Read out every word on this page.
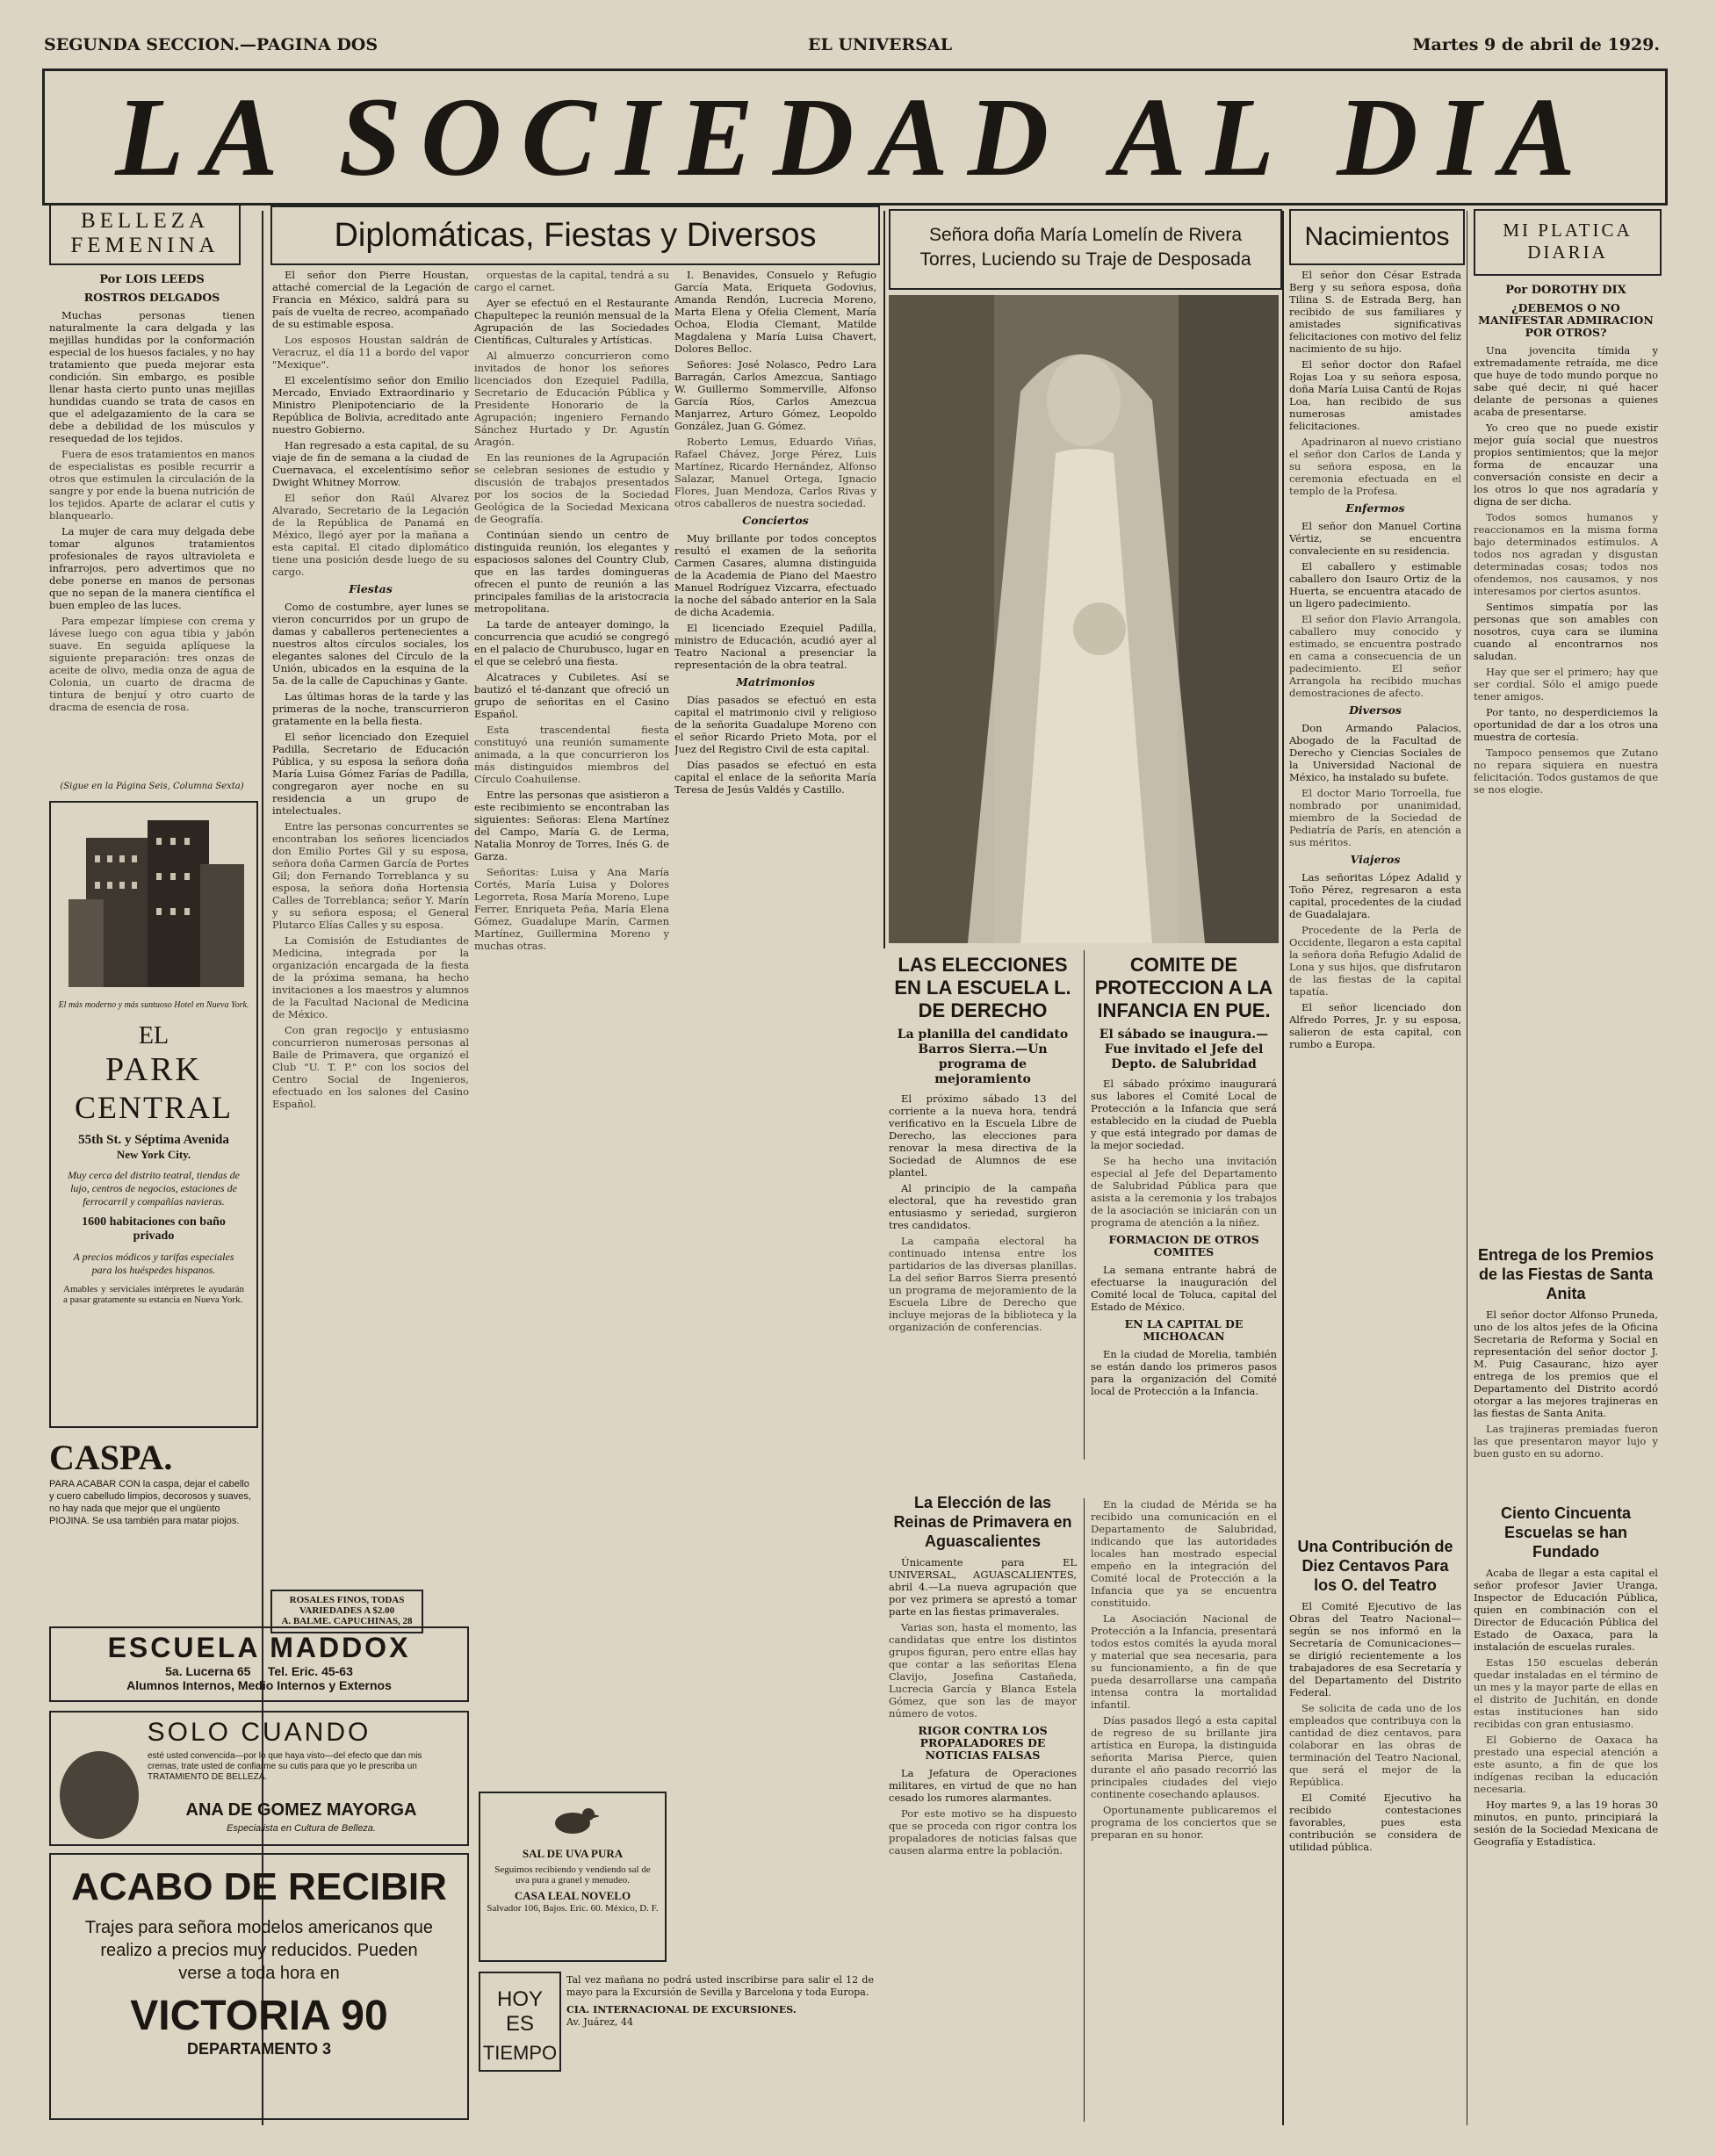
SEGUNDA SECCION.—PAGINA DOS	EL UNIVERSAL	Martes 9 de abril de 1929.
LA SOCIEDAD AL DIA
BELLEZA
FEMENINA
Por LOIS LEEDS
ROSTROS DELGADOS

Muchas personas tienen naturalmente la cara delgada y las mejillas hundidas por la conformación especial de los huesos faciales, y no hay tratamiento que pueda mejorar esta condición. Sin embargo, es posible llenar hasta cierto punto unas mejillas hundidas cuando se trata de casos en que el adelgazamiento de la cara se debe a debilidad de los músculos y resequedad de los tejidos.

Fuera de esos tratamientos en manos de especialistas es posible recurrir a otros que estimulen la circulación de la sangre y por ende la buena nutrición de los tejidos. Aparte de aclarar el cutis y blanquearlo.

La mujer de cara muy delgada debe tomar algunos tratamientos profesionales de rayos ultravioleta e infrarrojos, pero advertimos que no debe ponerse en manos de personas que no sepan de la manera científica el buen empleo de las luces.

Para empezar límpiese con crema y lávese luego con agua tibia y jabón suave. En seguida aplíquese la siguiente preparación: tres onzas de aceite de olivo, media onza de agua de Colonia, un cuarto de dracma de tintura de benjuí y otro cuarto de dracma de esencia de rosa.

(Sigue en la Página Seis, Columna Sexta)
El más moderno y más suntuoso Hotel en Nueva York.
EL
PARK
CENTRAL
55th St. y Séptima Avenida
New York City.
Muy cerca del distrito teatral, tiendas de lujo, centros de negocios, estaciones de ferrocarril y compañías navieras.
1600 habitaciones con baño privado
A precios módicos y tarifas especiales para los huéspedes hispanos.
Amables y serviciales intérpretes le ayudarán a pasar gratamente su estancia en Nueva York.
CASPA.
PARA ACABAR CON la caspa, dejar el cabello y cuero cabelludo limpios, decorosos y suaves, no hay nada que mejor que el ungüento PIOJINA. Se usa también para matar piojos.
Diplomáticas, Fiestas y Diversos

El señor don Pierre Houstan, attaché comercial de la Legación de Francia en México, saldrá para su país de vuelta de recreo, acompañado de su estimable esposa.

Los esposos Houstan saldrán de Veracruz, el día 11 a bordo del vapor "Mexique".

El excelentísimo señor don Emilio Mercado, Enviado Extraordinario y Ministro Plenipotenciario de la República de Bolivia, acreditado ante nuestro Gobierno.

Han regresado a esta capital, de su viaje de fin de semana a la ciudad de Cuernavaca, el excelentísimo señor Dwight Whitney Morrow.

El señor don Raúl Alvarez Alvarado, Secretario de la Legación de la República de Panamá en México, llegó ayer por la mañana a esta capital. El citado diplomático tiene una posición desde luego de su cargo.

Fiestas

Como de costumbre, ayer lunes se vieron concurridos por un grupo de damas y caballeros pertenecientes a nuestros altos círculos sociales, los elegantes salones del Círculo de la Unión, ubicados en la esquina de la 5a. de la calle de Capuchinas y Gante.

Las últimas horas de la tarde y las primeras de la noche, transcurrieron gratamente en la bella fiesta.

El señor licenciado don Ezequiel Padilla, Secretario de Educación Pública, y su esposa la señora doña María Luisa Gómez Farías de Padilla, congregaron ayer noche en su residencia a un grupo de intelectuales.

Entre las personas concurrentes se encontraban los señores licenciados don Emilio Portes Gil y su esposa, señora doña Carmen García de Portes Gil; don Fernando Torreblanca y su esposa, la señora doña Hortensia Calles de Torreblanca; señor Y. Marín y su señora esposa; el General Plutarco Elías Calles y su esposa.

La Comisión de Estudiantes de Medicina, integrada por la organización encargada de la fiesta de la próxima semana, ha hecho invitaciones a los maestros y alumnos de la Facultad Nacional de Medicina de México.

Con gran regocijo y entusiasmo concurrieron numerosas personas al Baile de Primavera, que organizó el Club "U. T. P." con los socios del Centro Social de Ingenieros, efectuado en los salones del Casino Español.

orquestas de la capital, tendrá a su cargo el carnet.

Ayer se efectuó en el Restaurante Chapultepec la reunión mensual de la Agrupación de las Sociedades Científicas, Culturales y Artísticas.

Al almuerzo concurrieron como invitados de honor los señores licenciados don Ezequiel Padilla, Secretario de Educación Pública y Presidente Honorario de la Agrupación; ingeniero Fernando Sánchez Hurtado y Dr. Agustín Aragón.

En las reuniones de la Agrupación se celebran sesiones de estudio y discusión de trabajos presentados por los socios de la Sociedad Geológica de la Sociedad Mexicana de Geografía.

Continúan siendo un centro de distinguida reunión, los elegantes y espaciosos salones del Country Club, que en las tardes domingueras ofrecen el punto de reunión a las principales familias de la aristocracia metropolitana.

La tarde de anteayer domingo, la concurrencia que acudió se congregó en el palacio de Churubusco, lugar en el que se celebró una fiesta.

Alcatraces y Cubiletes. Así se bautizó el té-danzant que ofreció un grupo de señoritas en el Casino Español.

Esta trascendental fiesta constituyó una reunión sumamente animada, a la que concurrieron los más distinguidos miembros del Círculo Coahuilense.

Entre las personas que asistieron a este recibimiento se encontraban las siguientes: Señoras: Elena Martínez del Campo, María G. de Lerma, Natalia Monroy de Torres, Inés G. de Garza.

Señoritas: Luisa y Ana María Cortés, María Luisa y Dolores Legorreta, Rosa María Moreno, Lupe Ferrer, Enriqueta Peña, María Elena Gómez, Guadalupe Marín, Carmen Martínez, Guillermina Moreno y muchas otras.

I. Benavides, Consuelo y Refugio García Mata, Eriqueta Godovius, Amanda Rendón, Lucrecia Moreno, Marta Elena y Ofelia Clement, María Ochoa, Elodia Clemant, Matilde Magdalena y María Luisa Chavert, Dolores Belloc.

Señores: José Nolasco, Pedro Lara Barragán, Carlos Amezcua, Santiago W. Guillermo Sommerville, Alfonso García Ríos, Carlos Amezcua Manjarrez, Arturo Gómez, Leopoldo González, Juan G. Gómez.

Roberto Lemus, Eduardo Viñas, Rafael Chávez, Jorge Pérez, Luis Martínez, Ricardo Hernández, Alfonso Salazar, Manuel Ortega, Ignacio Flores, Juan Mendoza, Carlos Rivas y otros caballeros de nuestra sociedad.

Conciertos

Muy brillante por todos conceptos resultó el examen de la señorita Carmen Casares, alumna distinguida de la Academia de Piano del Maestro Manuel Rodríguez Vizcarra, efectuado la noche del sábado anterior en la Sala de dicha Academia.

El licenciado Ezequiel Padilla, ministro de Educación, acudió ayer al Teatro Nacional a presenciar la representación de la obra teatral.

Matrimonios

Días pasados se efectuó en esta capital el matrimonio civil y religioso de la señorita Guadalupe Moreno con el señor Ricardo Prieto Mota, por el Juez del Registro Civil de esta capital.

Días pasados se efectuó en esta capital el enlace de la señorita María Teresa de Jesús Valdés y Castillo.

ROSALES FINOS, TODAS VARIEDADES A $2.00
A. BALME. CAPUCHINAS, 28
ESCUELA MADDOX
5a. Lucerna 65 Tel. Eric. 45-63
Alumnos Internos, Medio Internos y Externos
SOLO CUANDO
esté usted convencida—por lo que haya visto—del efecto que dan mis cremas, trate usted de confiarme su cutis para que yo le prescriba un TRATAMIENTO DE BELLEZA.
ANA DE GOMEZ MAYORGA
Especialista en Cultura de Belleza.
ACABO DE RECIBIR
Trajes para señora modelos americanos que realizo a precios muy reducidos. Pueden verse a toda hora en
VICTORIA 90
DEPARTAMENTO 3
SAL DE UVA PURA
Seguimos recibiendo y vendiendo sal de uva pura a granel y menudeo.
CASA LEAL NOVELO
Salvador 106, Bajos. Eric. 60. México, D. F.
HOY ES
TIEMPO
Tal vez mañana no podrá usted inscribirse para salir el 12 de mayo para la Excursión de Sevilla y Barcelona y toda Europa.
CIA. INTERNACIONAL DE EXCURSIONES.
Av. Juárez, 44
Señora doña María Lomelín de Rivera Torres, Luciendo su Traje de Desposada
LAS ELECCIONES EN LA ESCUELA L. DE DERECHO
La planilla del candidato Barros Sierra.—Un programa de mejoramiento

El próximo sábado 13 del corriente a la nueva hora, tendrá verificativo en la Escuela Libre de Derecho, las elecciones para renovar la mesa directiva de la Sociedad de Alumnos de ese plantel.

Al principio de la campaña electoral, que ha revestido gran entusiasmo y seriedad, surgieron tres candidatos.

La campaña electoral ha continuado intensa entre los partidarios de las diversas planillas. La del señor Barros Sierra presentó un programa de mejoramiento de la Escuela Libre de Derecho que incluye mejoras de la biblioteca y la organización de conferencias.

COMITE DE PROTECCION A LA INFANCIA EN PUE.
El sábado se inaugura.—Fue invitado el Jefe del Depto. de Salubridad

El sábado próximo inaugurará sus labores el Comité Local de Protección a la Infancia que será establecido en la ciudad de Puebla y que está integrado por damas de la mejor sociedad.

Se ha hecho una invitación especial al Jefe del Departamento de Salubridad Pública para que asista a la ceremonia y los trabajos de la asociación se iniciarán con un programa de atención a la niñez.

FORMACION DE OTROS COMITES

La semana entrante habrá de efectuarse la inauguración del Comité local de Toluca, capital del Estado de México.

EN LA CAPITAL DE MICHOACAN

En la ciudad de Morelia, también se están dando los primeros pasos para la organización del Comité local de Protección a la Infancia.

La Elección de las Reinas de Primavera en Aguascalientes

Únicamente para EL UNIVERSAL, AGUASCALIENTES, abril 4.—La nueva agrupación que por vez primera se aprestó a tomar parte en las fiestas primaverales.

Varias son, hasta el momento, las candidatas que entre los distintos grupos figuran, pero entre ellas hay que contar a las señoritas Elena Clavijo, Josefina Castañeda, Lucrecia García y Blanca Estela Gómez, que son las de mayor número de votos.

RIGOR CONTRA LOS PROPALADORES DE NOTICIAS FALSAS

La Jefatura de Operaciones militares, en virtud de que no han cesado los rumores alarmantes.

Por este motivo se ha dispuesto que se proceda con rigor contra los propaladores de noticias falsas que causen alarma entre la población.

En la ciudad de Mérida se ha recibido una comunicación en el Departamento de Salubridad, indicando que las autoridades locales han mostrado especial empeño en la integración del Comité local de Protección a la Infancia que ya se encuentra constituido.

La Asociación Nacional de Protección a la Infancia, presentará todos estos comités la ayuda moral y material que sea necesaria, para su funcionamiento, a fin de que pueda desarrollarse una campaña intensa contra la mortalidad infantil.

Días pasados llegó a esta capital de regreso de su brillante jira artística en Europa, la distinguida señorita Marisa Pierce, quien durante el año pasado recorrió las principales ciudades del viejo continente cosechando aplausos.

Oportunamente publicaremos el programa de los conciertos que se preparan en su honor.

Nacimientos

El señor don César Estrada Berg y su señora esposa, doña Tilina S. de Estrada Berg, han recibido de sus familiares y amistades significativas felicitaciones con motivo del feliz nacimiento de su hijo.

El señor doctor don Rafael Rojas Loa y su señora esposa, doña María Luisa Cantú de Rojas Loa, han recibido de sus numerosas amistades felicitaciones.

Apadrinaron al nuevo cristiano el señor don Carlos de Landa y su señora esposa, en la ceremonia efectuada en el templo de la Profesa.

Enfermos

El señor don Manuel Cortina Vértiz, se encuentra convaleciente en su residencia.

El caballero y estimable caballero don Isauro Ortiz de la Huerta, se encuentra atacado de un ligero padecimiento.

El señor don Flavio Arrangola, caballero muy conocido y estimado, se encuentra postrado en cama a consecuencia de un padecimiento. El señor Arrangola ha recibido muchas demostraciones de afecto.

Diversos

Don Armando Palacios, Abogado de la Facultad de Derecho y Ciencias Sociales de la Universidad Nacional de México, ha instalado su bufete.

El doctor Mario Torroella, fue nombrado por unanimidad, miembro de la Sociedad de Pediatría de París, en atención a sus méritos.

Viajeros

Las señoritas López Adalid y Toño Pérez, regresaron a esta capital, procedentes de la ciudad de Guadalajara.

Procedente de la Perla de Occidente, llegaron a esta capital la señora doña Refugio Adalid de Lona y sus hijos, que disfrutaron de las fiestas de la capital tapatía.

El señor licenciado don Alfredo Porres, Jr. y su esposa, salieron de esta capital, con rumbo a Europa.

Una Contribución de Diez Centavos Para los O. del Teatro

El Comité Ejecutivo de las Obras del Teatro Nacional—según se nos informó en la Secretaría de Comunicaciones—se dirigió recientemente a los trabajadores de esa Secretaría y del Departamento del Distrito Federal.

Se solicita de cada uno de los empleados que contribuya con la cantidad de diez centavos, para colaborar en las obras de terminación del Teatro Nacional, que será el mejor de la República.

El Comité Ejecutivo ha recibido contestaciones favorables, pues esta contribución se considera de utilidad pública.

MI PLATICA
DIARIA
Por DOROTHY DIX
¿DEBEMOS O NO MANIFESTAR ADMIRACION POR OTROS?

Una jovencita tímida y extremadamente retraída, me dice que huye de todo mundo porque no sabe qué decir, ni qué hacer delante de personas a quienes acaba de presentarse.

Yo creo que no puede existir mejor guía social que nuestros propios sentimientos; que la mejor forma de encauzar una conversación consiste en decir a los otros lo que nos agradaría y digna de ser dicha.

Todos somos humanos y reaccionamos en la misma forma bajo determinados estímulos. A todos nos agradan y disgustan determinadas cosas; todos nos ofendemos, nos causamos, y nos interesamos por ciertos asuntos.

Sentimos simpatía por las personas que son amables con nosotros, cuya cara se ilumina cuando al encontrarnos nos saludan.

Hay que ser el primero; hay que ser cordial. Sólo el amigo puede tener amigos.

Por tanto, no desperdiciemos la oportunidad de dar a los otros una muestra de cortesía.

Tampoco pensemos que Zutano no repara siquiera en nuestra felicitación. Todos gustamos de que se nos elogie.

Entrega de los Premios de las Fiestas de Santa Anita

El señor doctor Alfonso Pruneda, uno de los altos jefes de la Oficina Secretaria de Reforma y Social en representación del señor doctor J. M. Puig Casauranc, hizo ayer entrega de los premios que el Departamento del Distrito acordó otorgar a las mejores trajineras en las fiestas de Santa Anita.

Las trajineras premiadas fueron las que presentaron mayor lujo y buen gusto en su adorno.

Ciento Cincuenta Escuelas se han Fundado

Acaba de llegar a esta capital el señor profesor Javier Uranga, Inspector de Educación Pública, quien en combinación con el Director de Educación Pública del Estado de Oaxaca, para la instalación de escuelas rurales.

Estas 150 escuelas deberán quedar instaladas en el término de un mes y la mayor parte de ellas en el distrito de Juchitán, en donde estas instituciones han sido recibidas con gran entusiasmo.

El Gobierno de Oaxaca ha prestado una especial atención a este asunto, a fin de que los indígenas reciban la educación necesaria.

Hoy martes 9, a las 19 horas 30 minutos, en punto, principiará la sesión de la Sociedad Mexicana de Geografía y Estadística.
